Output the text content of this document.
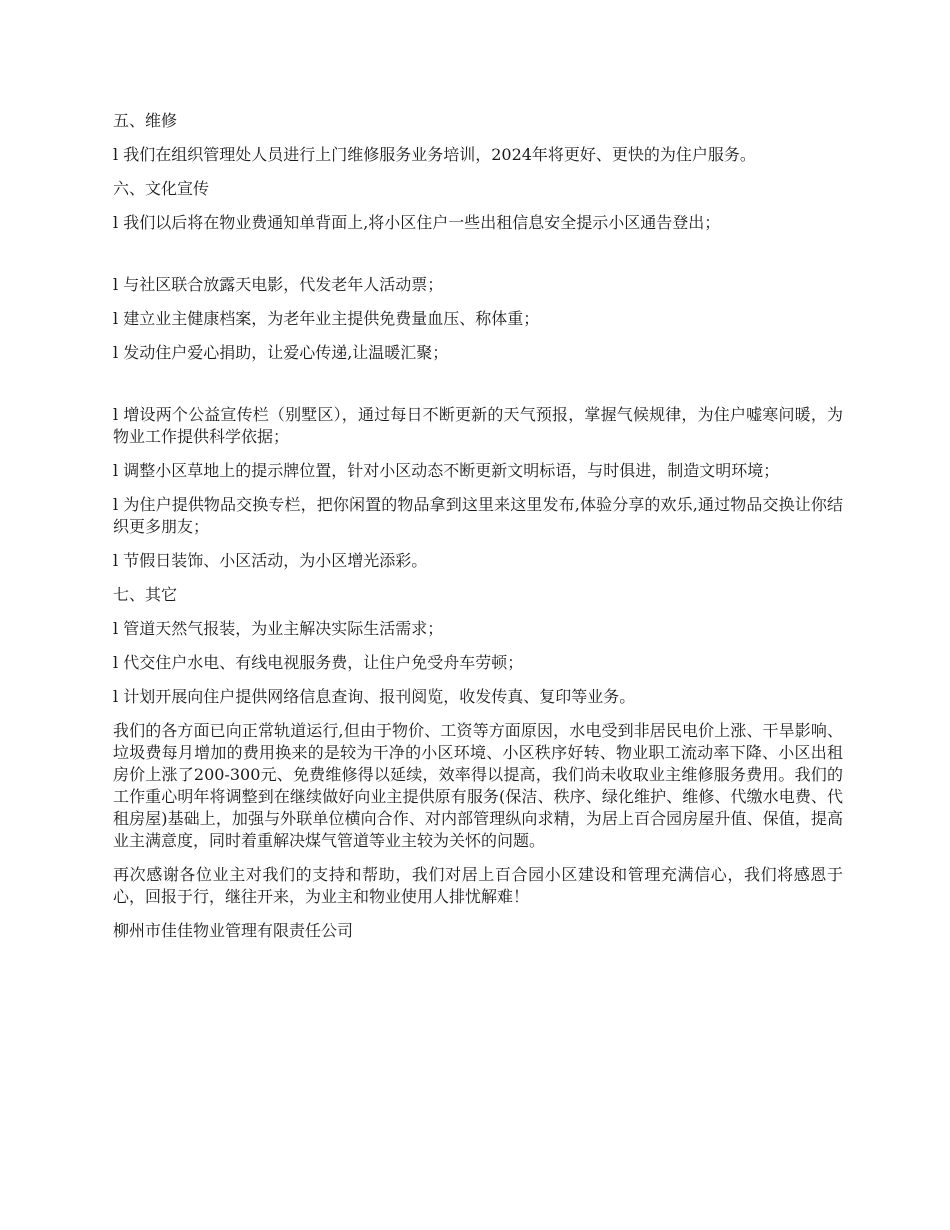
五、维修
l 我们在组织管理处人员进行上门维修服务业务培训，2024年将更好、更快的为住户服务。
六、文化宣传
l 我们以后将在物业费通知单背面上,将小区住户一些出租信息安全提示小区通告登出；
l 与社区联合放露天电影，代发老年人活动票；
l 建立业主健康档案，为老年业主提供免费量血压、称体重；
l 发动住户爱心捐助，让爱心传递,让温暖汇聚；
l 增设两个公益宣传栏（别墅区），通过每日不断更新的天气预报，掌握气候规律，为住户嘘寒问暖，为物业工作提供科学依据；
l 调整小区草地上的提示牌位置，针对小区动态不断更新文明标语，与时俱进，制造文明环境；
l 为住户提供物品交换专栏，把你闲置的物品拿到这里来这里发布,体验分享的欢乐,通过物品交换让你结织更多朋友；
l 节假日装饰、小区活动，为小区增光添彩。
七、其它
l 管道天然气报装，为业主解决实际生活需求；
l 代交住户水电、有线电视服务费，让住户免受舟车劳顿；
l 计划开展向住户提供网络信息查询、报刊阅览，收发传真、复印等业务。
我们的各方面已向正常轨道运行,但由于物价、工资等方面原因，水电受到非居民电价上涨、干旱影响、垃圾费每月增加的费用换来的是较为干净的小区环境、小区秩序好转、物业职工流动率下降、小区出租房价上涨了200-300元、免费维修得以延续，效率得以提高，我们尚未收取业主维修服务费用。我们的工作重心明年将调整到在继续做好向业主提供原有服务(保洁、秩序、绿化维护、维修、代缴水电费、代租房屋)基础上，加强与外联单位横向合作、对内部管理纵向求精，为居上百合园房屋升值、保值，提高业主满意度，同时着重解决煤气管道等业主较为关怀的问题。
再次感谢各位业主对我们的支持和帮助，我们对居上百合园小区建设和管理充满信心，我们将感恩于心，回报于行，继往开来，为业主和物业使用人排忧解难！
柳州市佳佳物业管理有限责任公司
